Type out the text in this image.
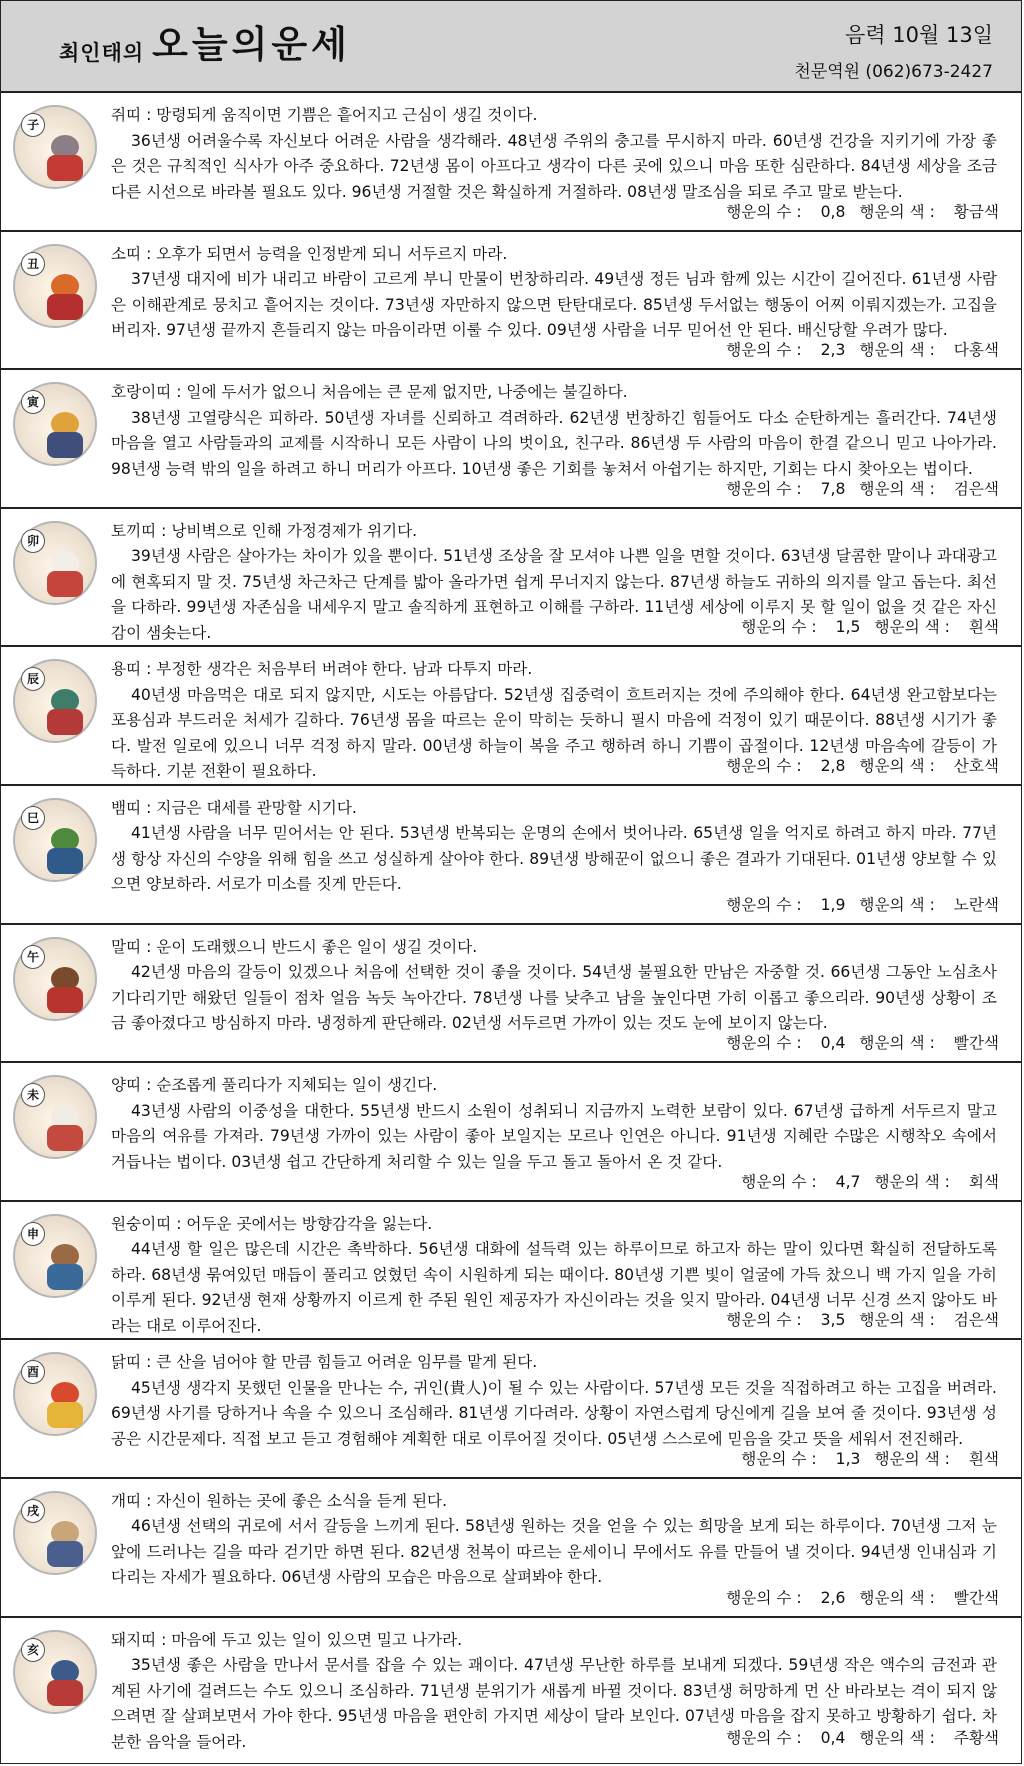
최인태의 오늘의운세	음력 10월 13일
천문역원 (062)673-2427
子
쥐띠 : 망령되게 움직이면 기쁨은 흩어지고 근심이 생길 것이다.
36년생 어려울수록 자신보다 어려운 사람을 생각해라. 48년생 주위의 충고를 무시하지 마라. 60년생 건강을 지키기에 가장 좋은 것은 규칙적인 식사가 아주 중요하다. 72년생 몸이 아프다고 생각이 다른 곳에 있으니 마음 또한 심란하다. 84년생 세상을 조금 다른 시선으로 바라볼 필요도 있다. 96년생 거절할 것은 확실하게 거절하라. 08년생 말조심을 되로 주고 말로 받는다.
행운의 수 : 0,8 행운의 색 : 황금색
丑
소띠 : 오후가 되면서 능력을 인정받게 되니 서두르지 마라.
37년생 대지에 비가 내리고 바람이 고르게 부니 만물이 번창하리라. 49년생 정든 님과 함께 있는 시간이 길어진다. 61년생 사람은 이해관계로 뭉치고 흩어지는 것이다. 73년생 자만하지 않으면 탄탄대로다. 85년생 두서없는 행동이 어찌 이뤄지겠는가. 고집을 버리자. 97년생 끝까지 흔들리지 않는 마음이라면 이룰 수 있다. 09년생 사람을 너무 믿어선 안 된다. 배신당할 우려가 많다.
행운의 수 : 2,3 행운의 색 : 다홍색
寅
호랑이띠 : 일에 두서가 없으니 처음에는 큰 문제 없지만, 나중에는 불길하다.
38년생 고열량식은 피하라. 50년생 자녀를 신뢰하고 격려하라. 62년생 번창하긴 힘들어도 다소 순탄하게는 흘러간다. 74년생 마음을 열고 사람들과의 교제를 시작하니 모든 사람이 나의 벗이요, 친구라. 86년생 두 사람의 마음이 한결 같으니 믿고 나아가라. 98년생 능력 밖의 일을 하려고 하니 머리가 아프다. 10년생 좋은 기회를 놓쳐서 아쉽기는 하지만, 기회는 다시 찾아오는 법이다.
행운의 수 : 7,8 행운의 색 : 검은색
卯
토끼띠 : 낭비벽으로 인해 가정경제가 위기다.
39년생 사람은 살아가는 차이가 있을 뿐이다. 51년생 조상을 잘 모셔야 나쁜 일을 면할 것이다. 63년생 달콤한 말이나 과대광고에 현혹되지 말 것. 75년생 차근차근 단계를 밟아 올라가면 쉽게 무너지지 않는다. 87년생 하늘도 귀하의 의지를 알고 돕는다. 최선을 다하라. 99년생 자존심을 내세우지 말고 솔직하게 표현하고 이해를 구하라. 11년생 세상에 이루지 못 할 일이 없을 것 같은 자신감이 샘솟는다.	행운의 수 : 1,5 행운의 색 : 흰색
辰
용띠 : 부정한 생각은 처음부터 버려야 한다. 남과 다투지 마라.
40년생 마음먹은 대로 되지 않지만, 시도는 아름답다. 52년생 집중력이 흐트러지는 것에 주의해야 한다. 64년생 완고함보다는 포용심과 부드러운 처세가 길하다. 76년생 몸을 따르는 운이 막히는 듯하니 필시 마음에 걱정이 있기 때문이다. 88년생 시기가 좋다. 발전 일로에 있으니 너무 걱정 하지 말라. 00년생 하늘이 복을 주고 행하려 하니 기쁨이 곱절이다. 12년생 마음속에 갈등이 가득하다. 기분 전환이 필요하다.	행운의 수 : 2,8 행운의 색 : 산호색
巳
뱀띠 : 지금은 대세를 관망할 시기다.
41년생 사람을 너무 믿어서는 안 된다. 53년생 반복되는 운명의 손에서 벗어나라. 65년생 일을 억지로 하려고 하지 마라. 77년생 항상 자신의 수양을 위해 힘을 쓰고 성실하게 살아야 한다. 89년생 방해꾼이 없으니 좋은 결과가 기대된다. 01년생 양보할 수 있으면 양보하라. 서로가 미소를 짓게 만든다.
행운의 수 : 1,9 행운의 색 : 노란색
午
말띠 : 운이 도래했으니 반드시 좋은 일이 생길 것이다.
42년생 마음의 갈등이 있겠으나 처음에 선택한 것이 좋을 것이다. 54년생 불필요한 만남은 자중할 것. 66년생 그동안 노심초사 기다리기만 해왔던 일들이 점차 얼음 녹듯 녹아간다. 78년생 나를 낮추고 남을 높인다면 가히 이롭고 좋으리라. 90년생 상황이 조금 좋아졌다고 방심하지 마라. 냉정하게 판단해라. 02년생 서두르면 가까이 있는 것도 눈에 보이지 않는다.
행운의 수 : 0,4 행운의 색 : 빨간색
未
양띠 : 순조롭게 풀리다가 지체되는 일이 생긴다.
43년생 사람의 이중성을 대한다. 55년생 반드시 소원이 성취되니 지금까지 노력한 보람이 있다. 67년생 급하게 서두르지 말고 마음의 여유를 가져라. 79년생 가까이 있는 사람이 좋아 보일지는 모르나 인연은 아니다. 91년생 지혜란 수많은 시행착오 속에서 거듭나는 법이다. 03년생 쉽고 간단하게 처리할 수 있는 일을 두고 돌고 돌아서 온 것 같다.
행운의 수 : 4,7 행운의 색 : 회색
申
원숭이띠 : 어두운 곳에서는 방향감각을 잃는다.
44년생 할 일은 많은데 시간은 촉박하다. 56년생 대화에 설득력 있는 하루이므로 하고자 하는 말이 있다면 확실히 전달하도록 하라. 68년생 묶여있던 매듭이 풀리고 얹혔던 속이 시원하게 되는 때이다. 80년생 기쁜 빛이 얼굴에 가득 찼으니 백 가지 일을 가히 이루게 된다. 92년생 현재 상황까지 이르게 한 주된 원인 제공자가 자신이라는 것을 잊지 말아라. 04년생 너무 신경 쓰지 않아도 바라는 대로 이루어진다.	행운의 수 : 3,5 행운의 색 : 검은색
酉
닭띠 : 큰 산을 넘어야 할 만큼 힘들고 어려운 임무를 맡게 된다.
45년생 생각지 못했던 인물을 만나는 수, 귀인(貴人)이 될 수 있는 사람이다. 57년생 모든 것을 직접하려고 하는 고집을 버려라. 69년생 사기를 당하거나 속을 수 있으니 조심해라. 81년생 기다려라. 상황이 자연스럽게 당신에게 길을 보여 줄 것이다. 93년생 성공은 시간문제다. 직접 보고 듣고 경험해야 계획한 대로 이루어질 것이다. 05년생 스스로에 믿음을 갖고 뜻을 세워서 전진해라.
행운의 수 : 1,3 행운의 색 : 흰색
戌
개띠 : 자신이 원하는 곳에 좋은 소식을 듣게 된다.
46년생 선택의 귀로에 서서 갈등을 느끼게 된다. 58년생 원하는 것을 얻을 수 있는 희망을 보게 되는 하루이다. 70년생 그저 눈앞에 드러나는 길을 따라 걷기만 하면 된다. 82년생 천복이 따르는 운세이니 무에서도 유를 만들어 낼 것이다. 94년생 인내심과 기다리는 자세가 필요하다. 06년생 사람의 모습은 마음으로 살펴봐야 한다.
행운의 수 : 2,6 행운의 색 : 빨간색
亥
돼지띠 : 마음에 두고 있는 일이 있으면 밀고 나가라.
35년생 좋은 사람을 만나서 문서를 잡을 수 있는 괘이다. 47년생 무난한 하루를 보내게 되겠다. 59년생 작은 액수의 금전과 관계된 사기에 걸려드는 수도 있으니 조심하라. 71년생 분위기가 새롭게 바뀔 것이다. 83년생 허망하게 먼 산 바라보는 격이 되지 않으려면 잘 살펴보면서 가야 한다. 95년생 마음을 편안히 가지면 세상이 달라 보인다. 07년생 마음을 잡지 못하고 방황하기 쉽다. 차분한 음악을 들어라.	행운의 수 : 0,4 행운의 색 : 주황색
